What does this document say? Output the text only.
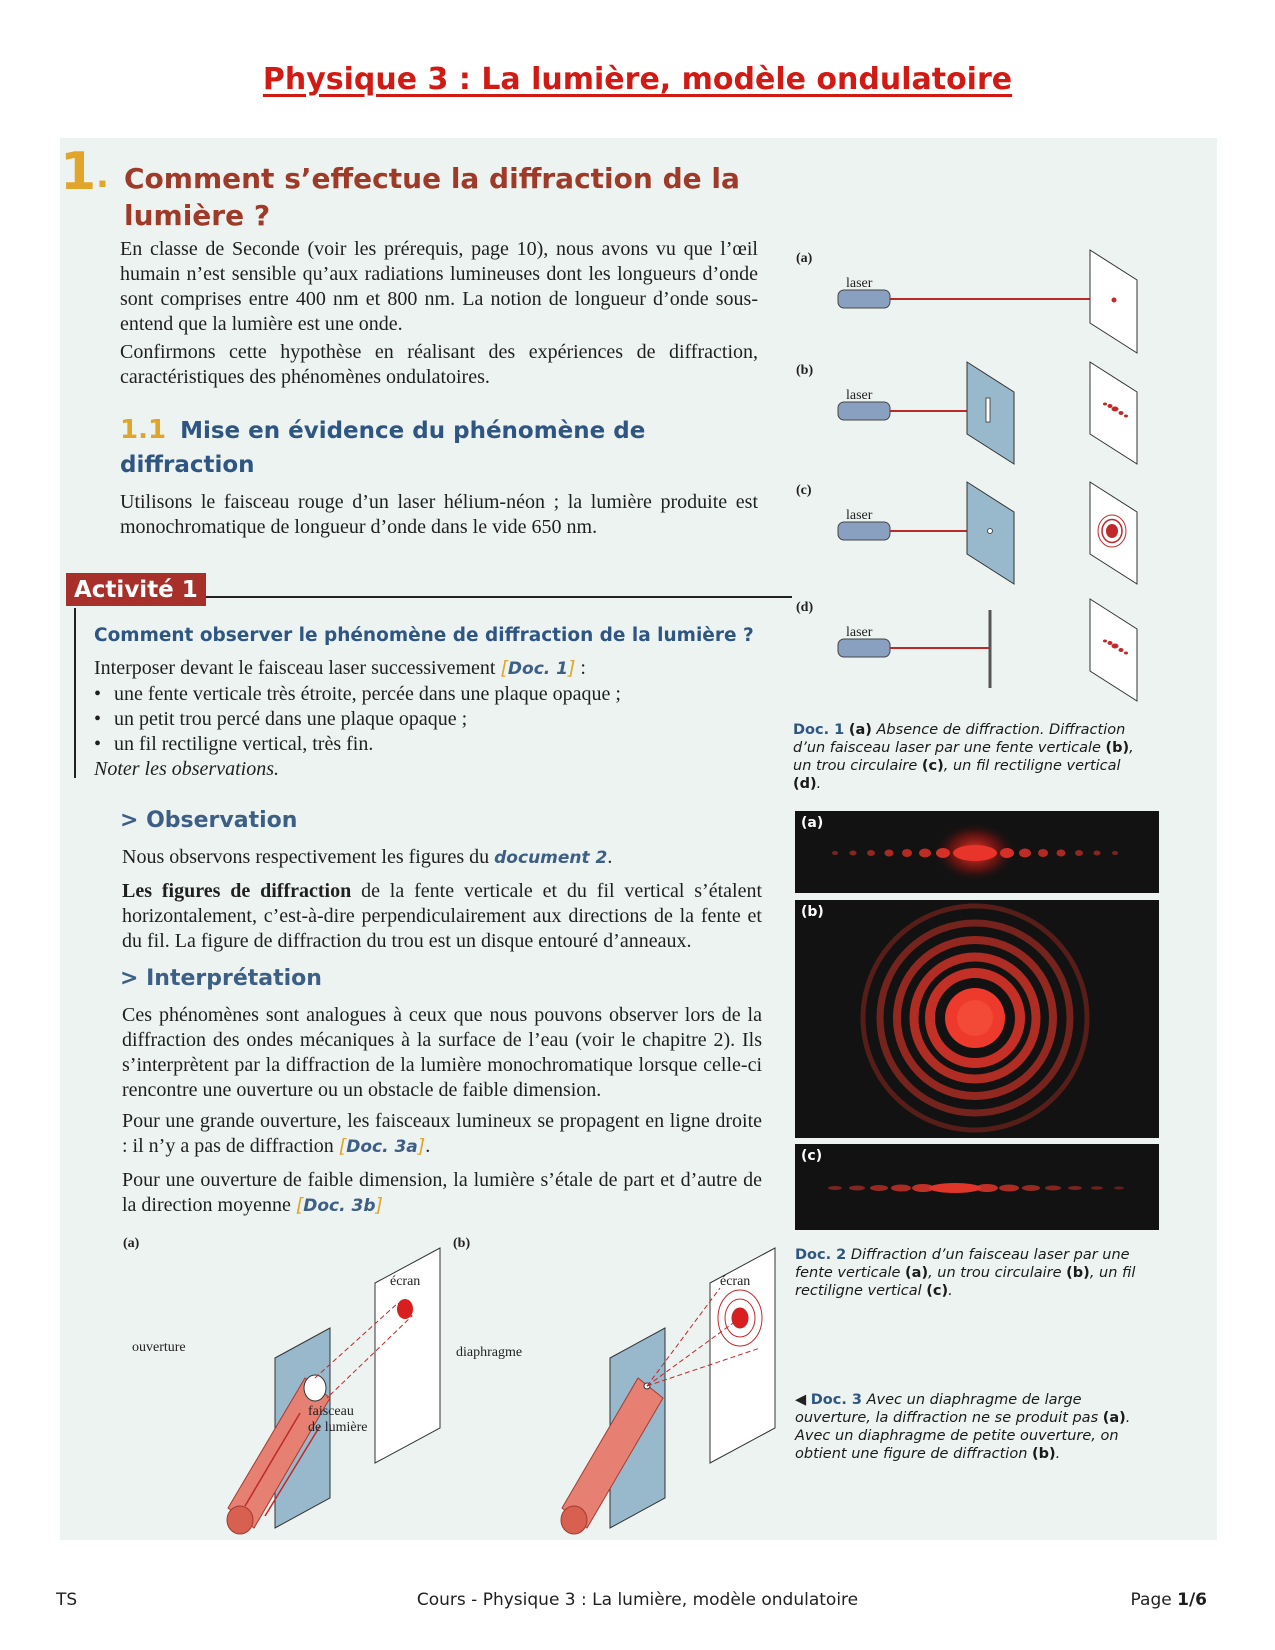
Physique 3 : La lumière, modèle ondulatoire
1 . Comment s’effectue la diffraction de la lumière ?
En classe de Seconde (voir les prérequis, page 10), nous avons vu que l’œil humain n’est sensible qu’aux radiations lumineuses dont les longueurs d’onde sont comprises entre 400 nm et 800 nm. La notion de longueur d’onde sous-entend que la lumière est une onde.
Confirmons cette hypothèse en réalisant des expériences de diffraction, caractéristiques des phénomènes ondulatoires.
1.1 Mise en évidence du phénomène de diffraction
Utilisons le faisceau rouge d’un laser hélium-néon ; la lumière produite est monochromatique de longueur d’onde dans le vide 650 nm.
Activité 1
Comment observer le phénomène de diffraction de la lumière ?
Interposer devant le faisceau laser successivement [Doc. 1] :
• une fente verticale très étroite, percée dans une plaque opaque ;
• un petit trou percé dans une plaque opaque ;
• un fil rectiligne vertical, très fin.
Noter les observations.
> Observation
Nous observons respectivement les figures du document 2.
Les figures de diffraction de la fente verticale et du fil vertical s’étalent horizontalement, c’est-à-dire perpendiculairement aux directions de la fente et du fil. La figure de diffraction du trou est un disque entouré d’anneaux.
> Interprétation
Ces phénomènes sont analogues à ceux que nous pouvons observer lors de la diffraction des ondes mécaniques à la surface de l’eau (voir le chapitre 2). Ils s’interprètent par la diffraction de la lumière monochromatique lorsque celle-ci rencontre une ouverture ou un obstacle de faible dimension.
Pour une grande ouverture, les faisceaux lumineux se propagent en ligne droite : il n’y a pas de diffraction [Doc. 3a].
Pour une ouverture de faible dimension, la lumière s’étale de part et d’autre de la direction moyenne [Doc. 3b]
(a)
(b)
(c)
(d)
laser
laser
laser
laser
Doc. 1 (a) Absence de diffraction. Diffraction d’un faisceau laser par une fente verticale (b), un trou circulaire (c), un fil rectiligne vertical (d).
(a)
(b)
(c)
Doc. 2 Diffraction d’un faisceau laser par une fente verticale (a), un trou circulaire (b), un fil rectiligne vertical (c).
(a)	(b)
écran	écran
ouverture
faisceau
de lumière
diaphragme
◀ Doc. 3 Avec un diaphragme de large ouverture, la diffraction ne se produit pas (a). Avec un diaphragme de petite ouverture, on obtient une figure de diffraction (b).
TS	Cours - Physique 3 : La lumière, modèle ondulatoire	Page 1/6
